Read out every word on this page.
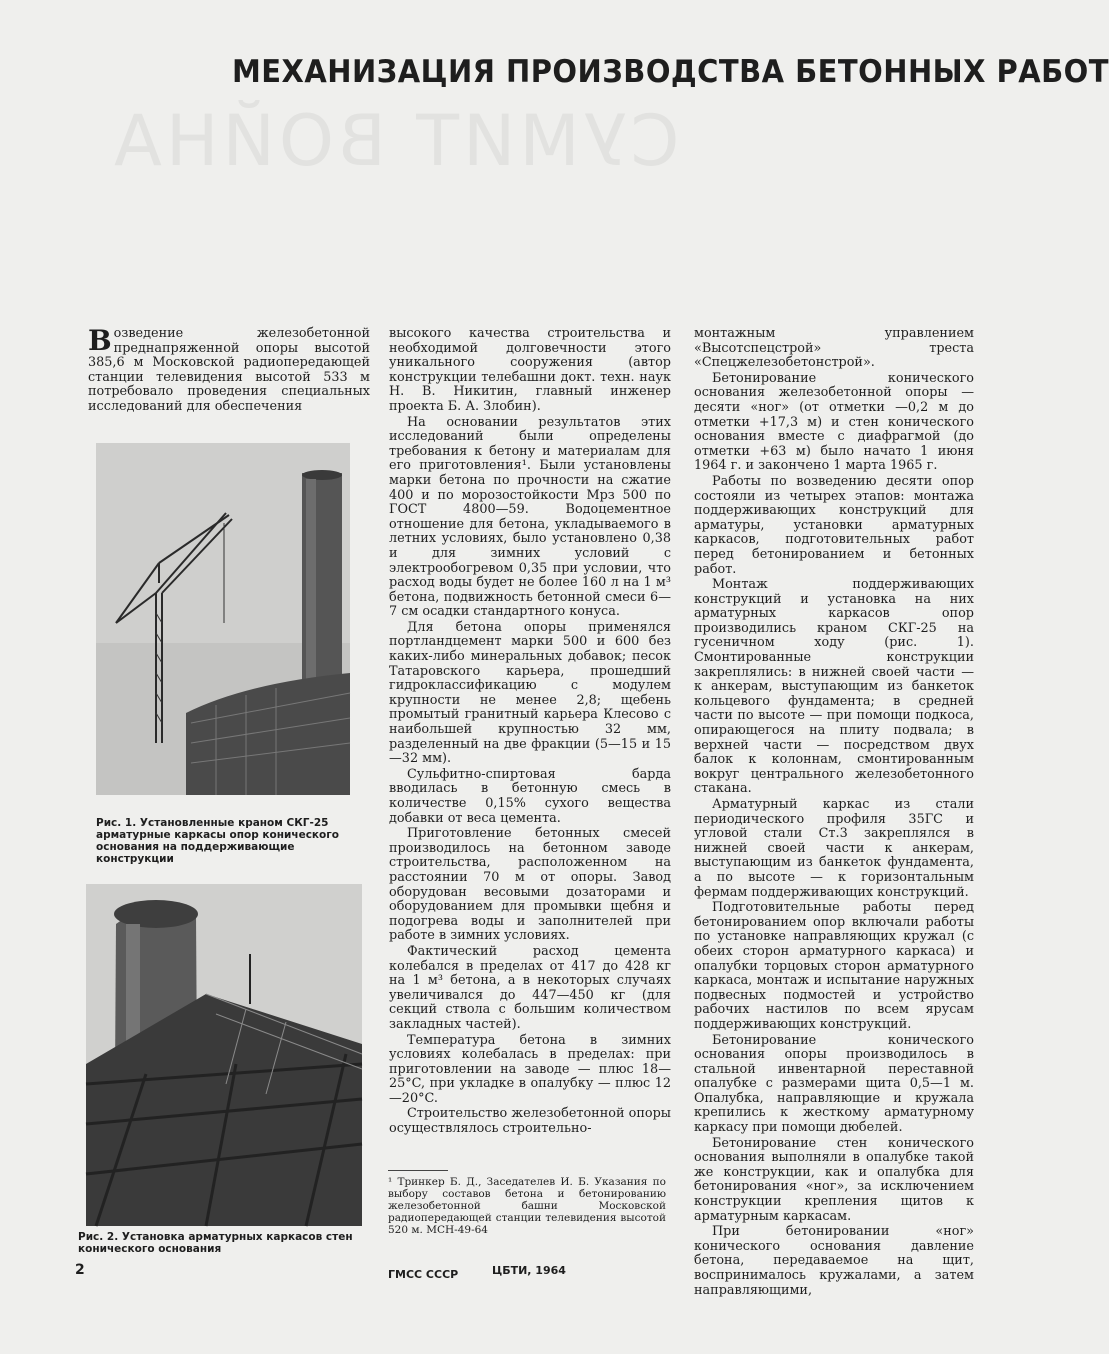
СУМИТ ВОЙНА
МЕХАНИЗАЦИЯ ПРОИЗВОДСТВА БЕТОННЫХ РАБОТ

Возведение железобетонной преднапряженной опоры высотой 385,6 м Московской радиопередающей станции телевидения высотой 533 м потребовало проведения специальных исследований для обеспечения

Рис. 1. Установленные краном СКГ-25 арматурные каркасы опор конического основания на поддерживающие конструкции
Рис. 2. Установка арматурных каркасов стен конического основания
2

высокого качества строительства и необходимой долговечности этого уникального сооружения (автор конструкции телебашни докт. техн. наук Н. В. Никитин, главный инженер проекта Б. А. Злобин).

На основании результатов этих исследований были определены требования к бетону и материалам для его приготовления¹. Были установлены марки бетона по прочности на сжатие 400 и по морозостойкости Мрз 500 по ГОСТ 4800—59. Водоцементное отношение для бетона, укладываемого в летних условиях, было установлено 0,38 и для зимних условий с электрообогревом 0,35 при условии, что расход воды будет не более 160 л на 1 м³ бетона, подвижность бетонной смеси 6—7 см осадки стандартного конуса.

Для бетона опоры применялся портландцемент марки 500 и 600 без каких-либо минеральных добавок; песок Татаровского карьера, прошедший гидроклассификацию с модулем крупности не менее 2,8; щебень промытый гранитный карьера Клесово с наибольшей крупностью 32 мм, разделенный на две фракции (5—15 и 15—32 мм).

Сульфитно-спиртовая барда вводилась в бетонную смесь в количестве 0,15% сухого вещества добавки от веса цемента.

Приготовление бетонных смесей производилось на бетонном заводе строительства, расположенном на расстоянии 70 м от опоры. Завод оборудован весовыми дозаторами и оборудованием для промывки щебня и подогрева воды и заполнителей при работе в зимних условиях.

Фактический расход цемента колебался в пределах от 417 до 428 кг на 1 м³ бетона, а в некоторых случаях увеличивался до 447—450 кг (для секций ствола с большим количеством закладных частей).

Температура бетона в зимних условиях колебалась в пределах: при приготовлении на заводе — плюс 18—25°C, при укладке в опалубку — плюс 12—20°C.

Строительство железобетонной опоры осуществлялось строительно-

¹ Тринкер Б. Д., Заседателев И. Б. Указания по выбору составов бетона и бетонированию железобетонной башни Московской радиопередающей станции телевидения высотой 520 м. МСН-49-64
ГМСС СССР	ЦБТИ, 1964

монтажным управлением «Высотспецстрой» треста «Спецжелезобетонстрой».

Бетонирование конического основания железобетонной опоры — десяти «ног» (от отметки —0,2 м до отметки +17,3 м) и стен конического основания вместе с диафрагмой (до отметки +63 м) было начато 1 июня 1964 г. и закончено 1 марта 1965 г.

Работы по возведению десяти опор состояли из четырех этапов: монтажа поддерживающих конструкций для арматуры, установки арматурных каркасов, подготовительных работ перед бетонированием и бетонных работ.

Монтаж поддерживающих конструкций и установка на них арматурных каркасов опор производились краном СКГ-25 на гусеничном ходу (рис. 1). Смонтированные конструкции закреплялись: в нижней своей части — к анкерам, выступающим из банкеток кольцевого фундамента; в средней части по высоте — при помощи подкоса, опирающегося на плиту подвала; в верхней части — посредством двух балок к колоннам, смонтированным вокруг центрального железобетонного стакана.

Арматурный каркас из стали периодического профиля 35ГС и угловой стали Ст.3 закреплялся в нижней своей части к анкерам, выступающим из банкеток фундамента, а по высоте — к горизонтальным фермам поддерживающих конструкций.

Подготовительные работы перед бетонированием опор включали работы по установке направляющих кружал (с обеих сторон арматурного каркаса) и опалубки торцовых сторон арматурного каркаса, монтаж и испытание наружных подвесных подмостей и устройство рабочих настилов по всем ярусам поддерживающих конструкций.

Бетонирование конического основания опоры производилось в стальной инвентарной переставной опалубке с размерами щита 0,5—1 м. Опалубка, направляющие и кружала крепились к жесткому арматурному каркасу при помощи дюбелей.

Бетонирование стен конического основания выполняли в опалубке такой же конструкции, как и опалубка для бетонирования «ног», за исключением конструкции крепления щитов к арматурным каркасам.

При бетонировании «ног» конического основания давление бетона, передаваемое на щит, воспринималось кружалами, а затем направляющими,
